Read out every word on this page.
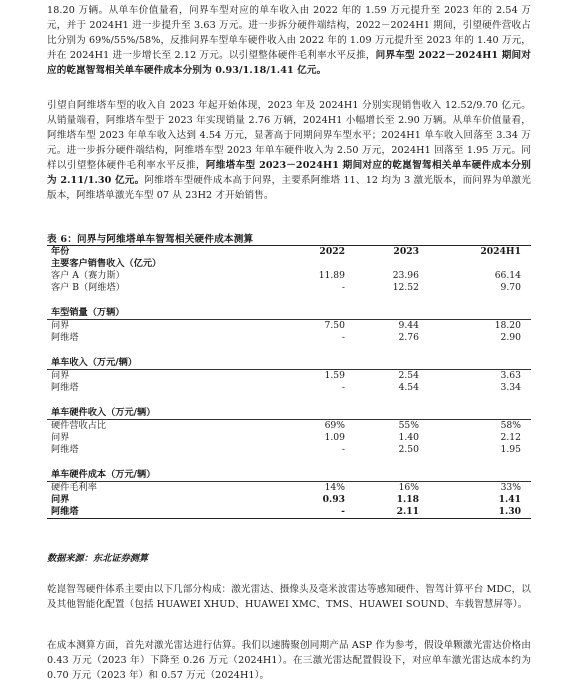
18.20 万辆。从单车价值量看，问界车型对应的单车收入由 2022 年的 1.59 万元提升至 2023 年的 2.54 万元，并于 2024H1 进一步提升至 3.63 万元。进一步拆分硬件端结构，2022－2024H1 期间，引望硬件营收占比分别为 69%/55%/58%，反推问界车型单车硬件收入由 2022 年的 1.09 万元提升至 2023 年的 1.40 万元，并在 2024H1 进一步增长至 2.12 万元。以引望整体硬件毛利率水平反推，问界车型 2022－2024H1 期间对应的乾崑智驾相关单车硬件成本分别为 0.93/1.18/1.41 亿元。

引望自阿维塔车型的收入自 2023 年起开始体现，2023 年及 2024H1 分别实现销售收入 12.52/9.70 亿元。从销量端看，阿维塔车型于 2023 年实现销量 2.76 万辆，2024H1 小幅增长至 2.90 万辆。从单车价值量看，阿维塔车型 2023 年单车收入达到 4.54 万元，显著高于同期问界车型水平；2024H1 单车收入回落至 3.34 万元。进一步拆分硬件端结构，阿维塔车型 2023 年单车硬件收入为 2.50 万元，2024H1 回落至 1.95 万元。同样以引望整体硬件毛利率水平反推，阿维塔车型 2023－2024H1 期间对应的乾崑智驾相关单车硬件成本分别为 2.11/1.30 亿元。阿维塔车型硬件成本高于问界，主要系阿维塔 11、12 均为 3 激光版本，而问界为单激光版本，阿维塔单激光车型 07 从 23H2 才开始销售。

表 6：问界与阿维塔单车智驾相关硬件成本测算
年份	2022	2023	2024H1
主要客户销售收入（亿元）
客户 A（赛力斯）	11.89	23.96	66.14
客户 B（阿维塔）	-	12.52	9.70
车型销量（万辆）
问界	7.50	9.44	18.20
阿维塔	-	2.76	2.90
单车收入（万元/辆）
问界	1.59	2.54	3.63
阿维塔	-	4.54	3.34
单车硬件收入（万元/辆）
硬件营收占比	69%	55%	58%
问界	1.09	1.40	2.12
阿维塔	-	2.50	1.95
单车硬件成本（万元/辆）
硬件毛利率	14%	16%	33%
问界	0.93	1.18	1.41
阿维塔	-	2.11	1.30
数据来源：东北证券测算

乾崑智驾硬件体系主要由以下几部分构成：激光雷达、摄像头及毫米波雷达等感知硬件、智驾计算平台 MDC，以及其他智能化配置（包括 HUAWEI XHUD、HUAWEI XMC、TMS、HUAWEI SOUND、车载智慧屏等）。

在成本测算方面，首先对激光雷达进行估算。我们以速腾聚创同期产品 ASP 作为参考，假设单颗激光雷达价格由 0.43 万元（2023 年）下降至 0.26 万元（2024H1）。在三激光雷达配置假设下，对应单车激光雷达成本约为 0.70 万元（2023 年）和 0.57 万元（2024H1）。
